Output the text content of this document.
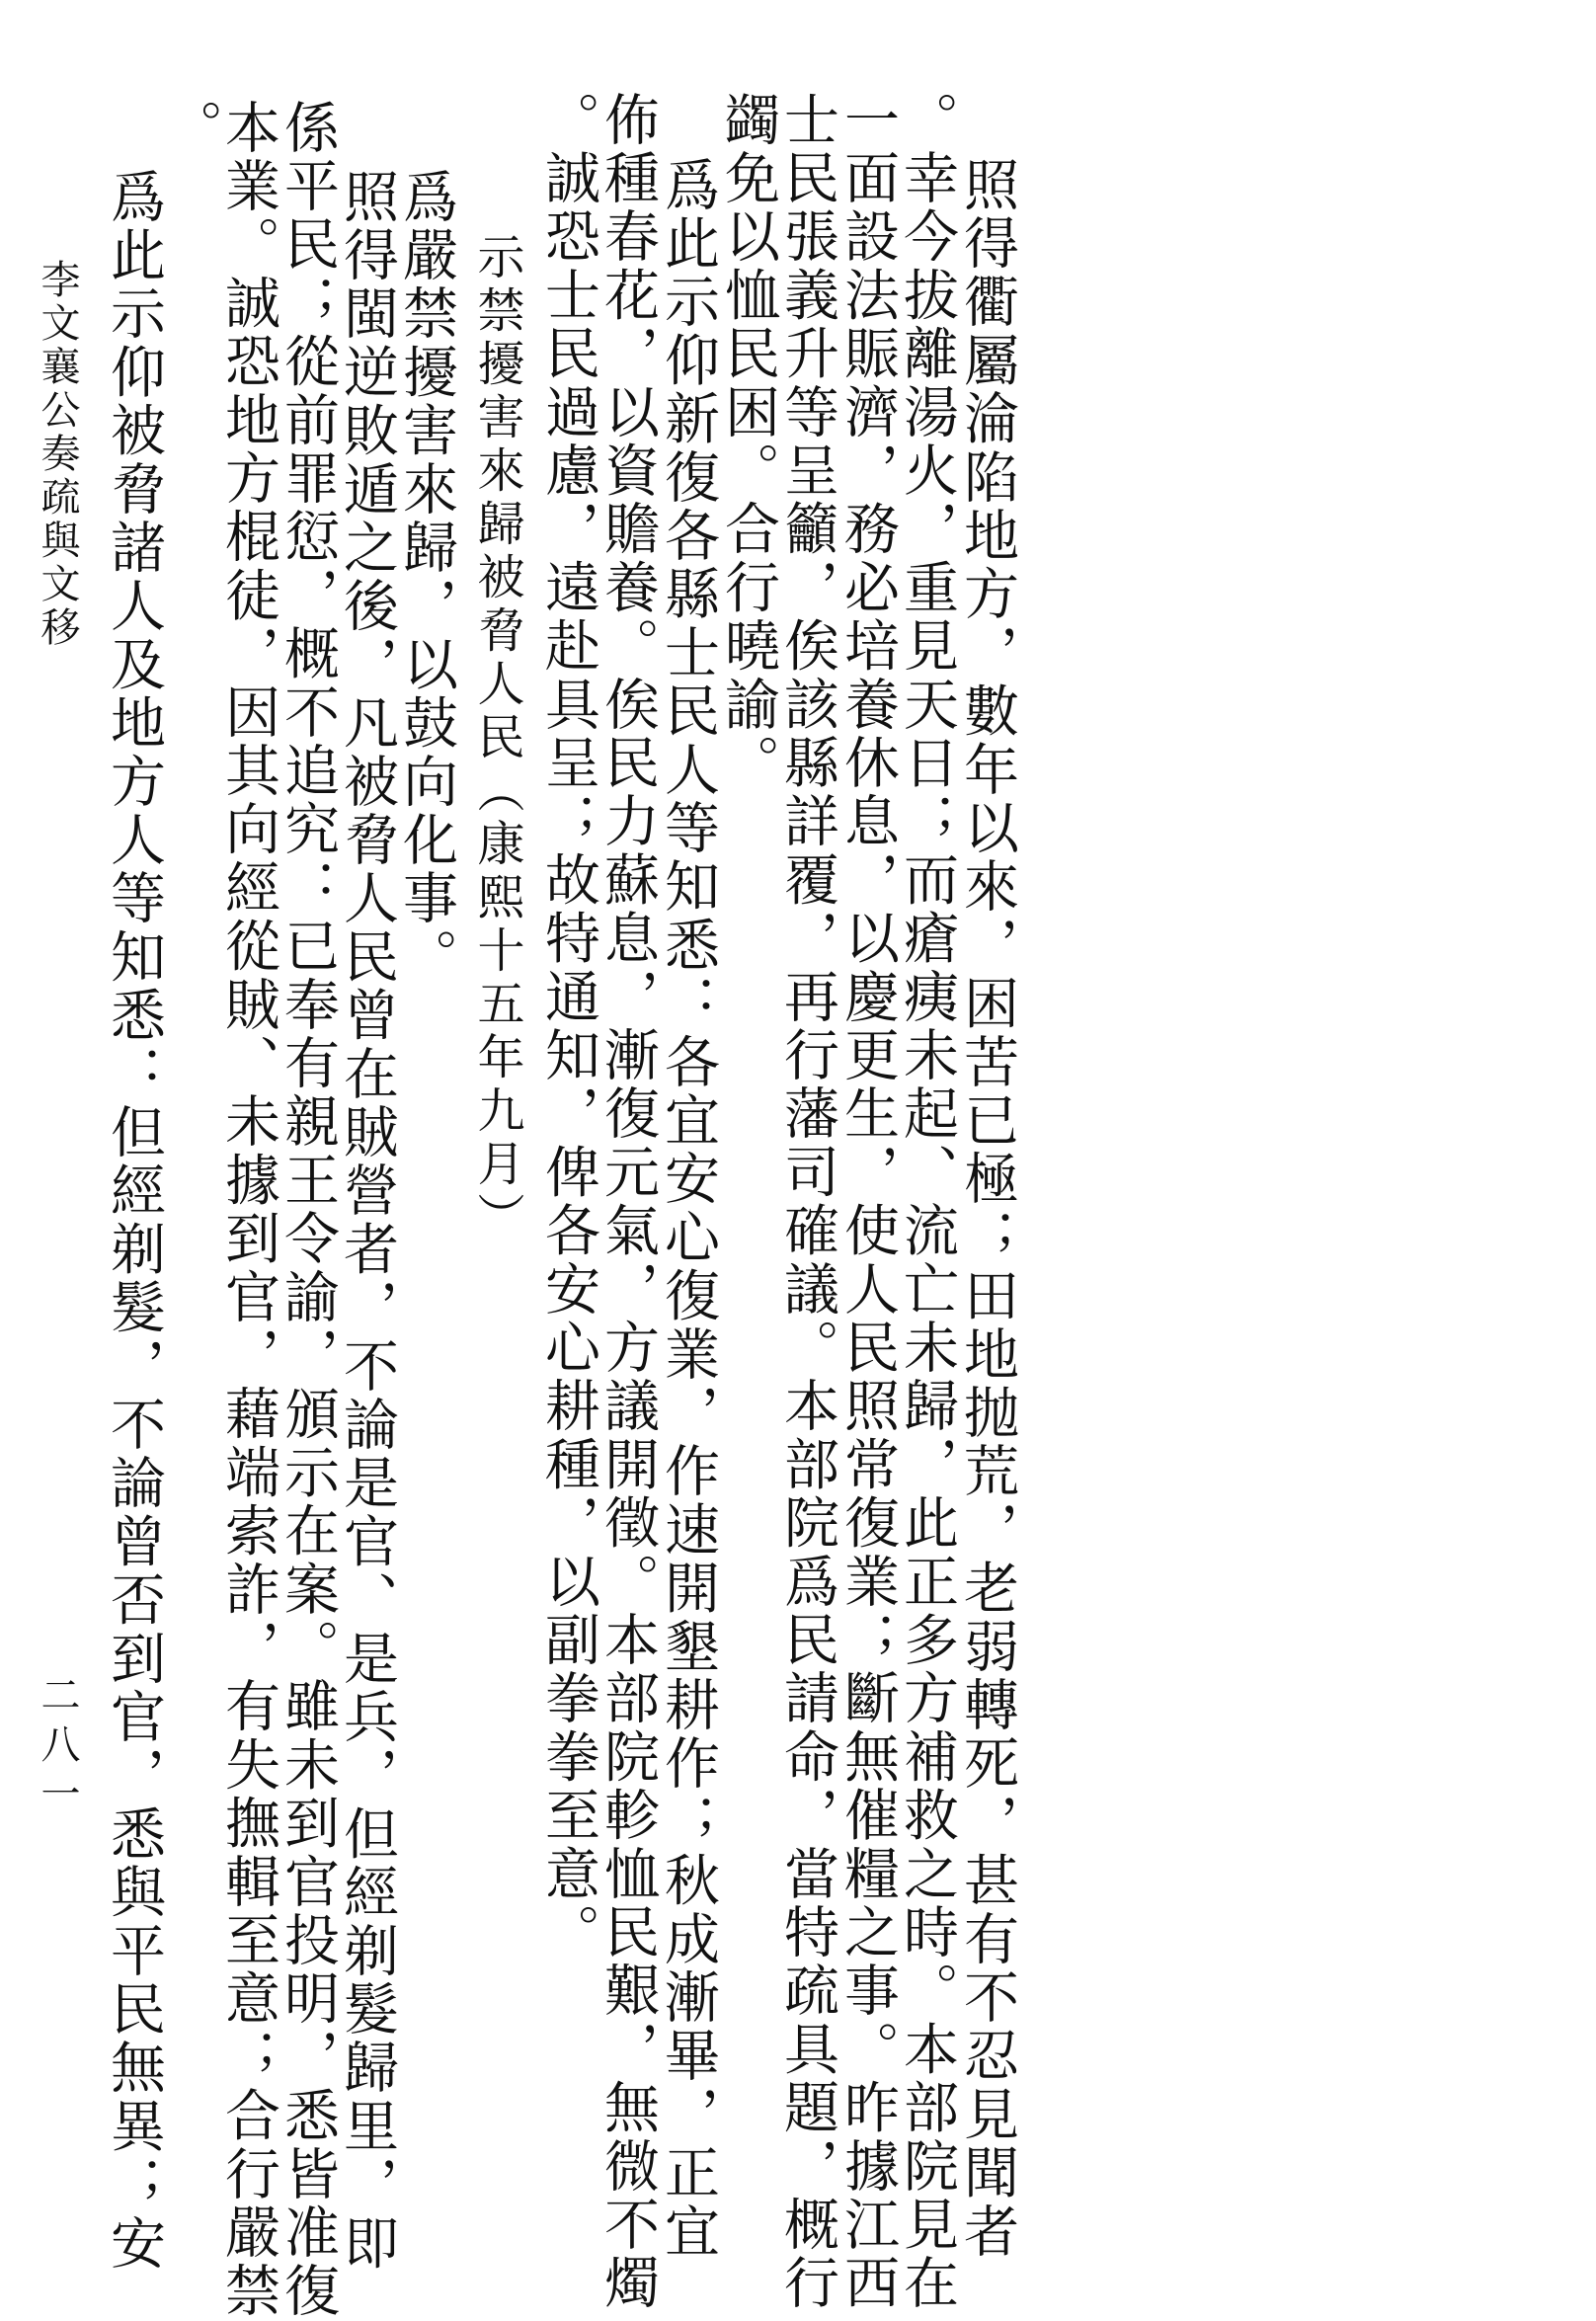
照得衢屬淪陷地方，數年以來，困苦已極；田地抛荒，老弱轉死，甚有不忍見聞者
。幸今拔離湯火，重見天日；而瘡痍未起、流亡未歸，此正多方補救之時。本部院見在
一面設法賑濟，務必培養休息，以慶更生，使人民照常復業；斷無催糧之事。昨據江西
士民張義升等呈籲，俟該縣詳覆，再行藩司確議。本部院爲民請命，當特疏具題，概行
蠲免以恤民困。合行曉諭。
爲此示仰新復各縣士民人等知悉：各宜安心復業，作速開墾耕作；秋成漸畢，正宜
佈種春花，以資贍養。俟民力蘇息，漸復元氣，方議開徵。本部院軫恤民艱，無微不燭
。誠恐士民過慮，遠赴具呈；故特通知，俾各安心耕種，以副拳拳至意。
示禁擾害來歸被脅人民（康熙十五年九月）
爲嚴禁擾害來歸，以鼓向化事。
照得閩逆敗遁之後，凡被脅人民曾在賊營者，不論是官、是兵，但經剃髮歸里，即
係平民；從前罪愆，概不追究：已奉有親王令諭，頒示在案。雖未到官投明，悉皆准復
本業。誠恐地方棍徒，因其向經從賊、未據到官，藉端索詐，有失撫輯至意；合行嚴禁
。
爲此示仰被脅諸人及地方人等知悉：但經剃髮，不論曾否到官，悉與平民無異；安
李文襄公奏疏與文移
二八一
